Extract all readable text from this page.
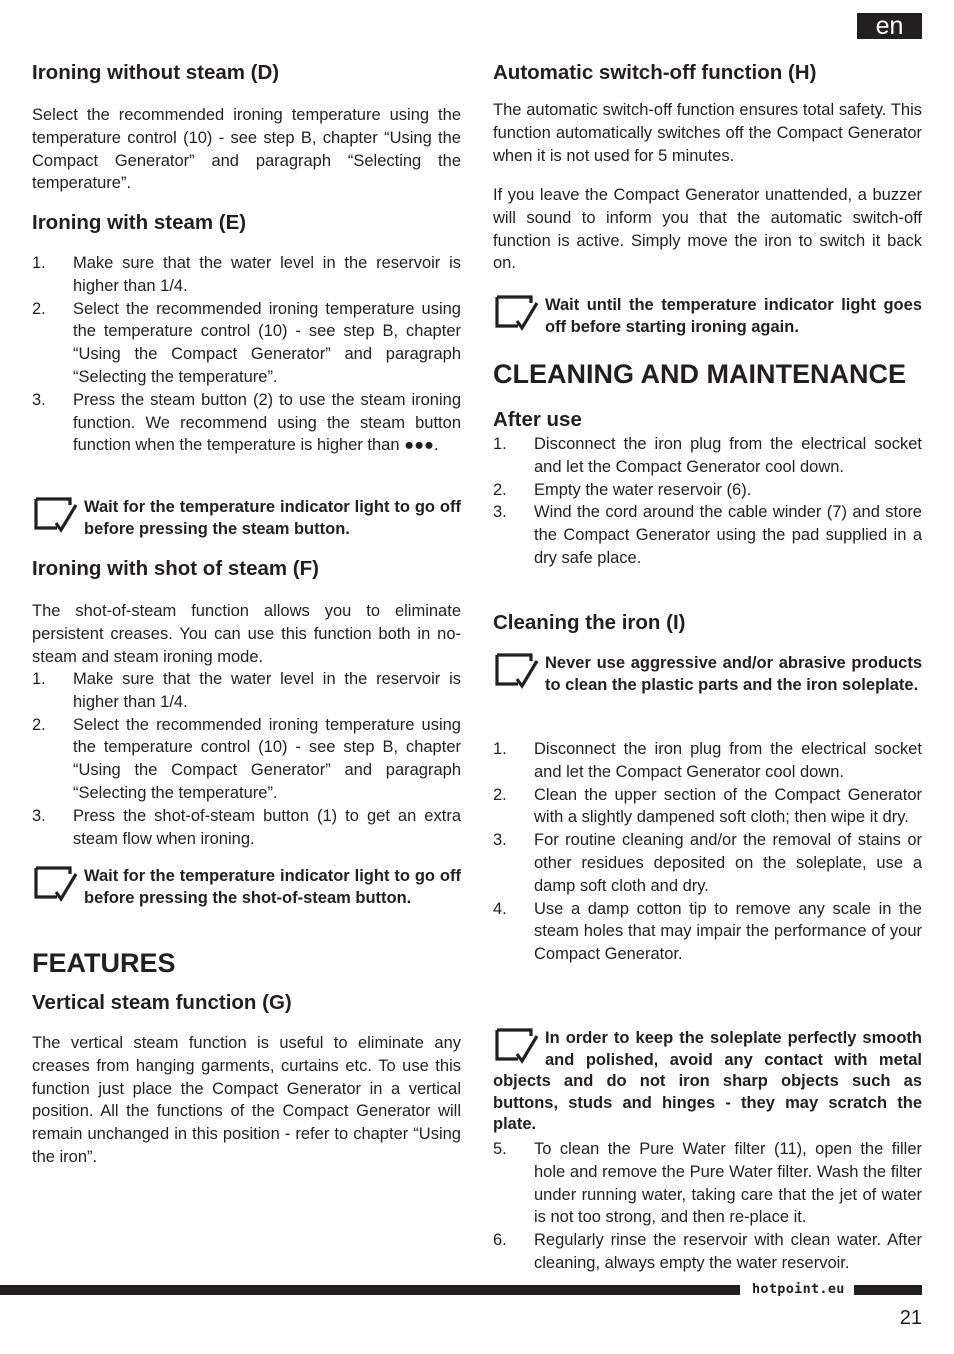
en
Ironing without steam (D)

Select the recommended ironing temperature using the temperature control (10) - see step B, chapter “Using the Compact Generator” and paragraph “Selecting the temperature”.

Ironing with steam (E)
1. Make sure that the water level in the reservoir is higher than 1/4.
2. Select the recommended ironing temperature using the temperature control (10) - see step B, chapter “Using the Compact Generator” and paragraph “Selecting the temperature”.
3. Press the steam button (2) to use the steam ironing function. We recommend using the steam button function when the temperature is higher than ●●●.
Wait for the temperature indicator light to go off before pressing the steam button.
Ironing with shot of steam (F)

The shot-of-steam function allows you to eliminate persistent creases. You can use this function both in no-steam and steam ironing mode.

1. Make sure that the water level in the reservoir is higher than 1/4.
2. Select the recommended ironing temperature using the temperature control (10) - see step B, chapter “Using the Compact Generator” and paragraph “Selecting the temperature”.
3. Press the shot-of-steam button (1) to get an extra steam flow when ironing.
Wait for the temperature indicator light to go off before pressing the shot-of-steam button.
FEATURES
Vertical steam function (G)

The vertical steam function is useful to eliminate any creases from hanging garments, curtains etc. To use this function just place the Compact Generator in a vertical position. All the functions of the Compact Generator will remain unchanged in this position - refer to chapter “Using the iron”.

Automatic switch-off function (H)

The automatic switch-off function ensures total safety. This function automatically switches off the Compact Generator when it is not used for 5 minutes.

If you leave the Compact Generator unattended, a buzzer will sound to inform you that the automatic switch-off function is active. Simply move the iron to switch it back on.

Wait until the temperature indicator light goes off before starting ironing again.
CLEANING AND MAINTENANCE
After use
1. Disconnect the iron plug from the electrical socket and let the Compact Generator cool down.
2. Empty the water reservoir (6).
3. Wind the cord around the cable winder (7) and store the Compact Generator using the pad supplied in a dry safe place.
Cleaning the iron (I)
Never use aggressive and/or abrasive products to clean the plastic parts and the iron soleplate.
1. Disconnect the iron plug from the electrical socket and let the Compact Generator cool down.
2. Clean the upper section of the Compact Generator with a slightly dampened soft cloth; then wipe it dry.
3. For routine cleaning and/or the removal of stains or other residues deposited on the soleplate, use a damp soft cloth and dry.
4. Use a damp cotton tip to remove any scale in the steam holes that may impair the performance of your Compact Generator.
In order to keep the soleplate perfectly smooth and polished, avoid any contact with metal objects and do not iron sharp objects such as buttons, studs and hinges - they may scratch the plate.
5. To clean the Pure Water filter (11), open the filler hole and remove the Pure Water filter. Wash the filter under running water, taking care that the jet of water is not too strong, and then re-place it.
6. Regularly rinse the reservoir with clean water. After cleaning, always empty the water reservoir.
hotpoint.eu
21
